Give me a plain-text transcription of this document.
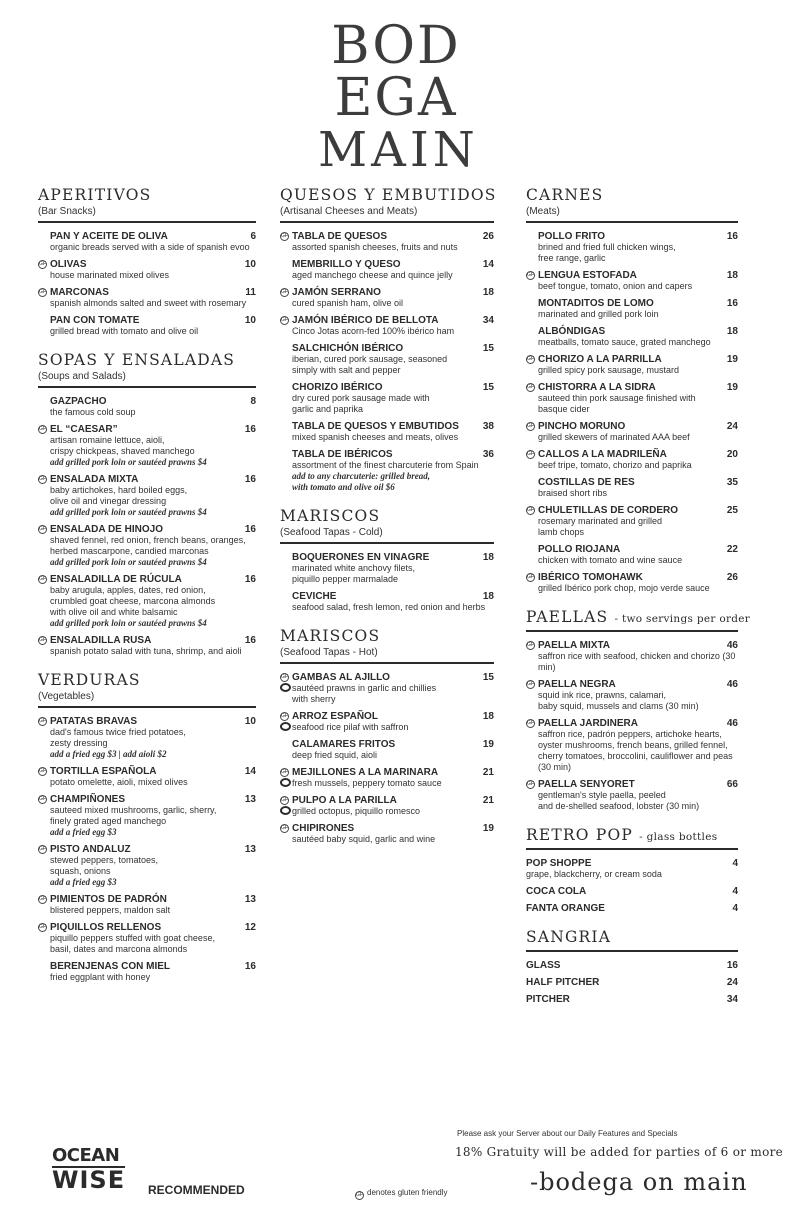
BOD
EGA
MAIN
APERITIVOS
(Bar Snacks)
PAN Y ACEITE DE OLIVA	6
organic breads served with a side of spanish evoo
GF OLIVAS	10
house marinated mixed olives
GF MARCONAS	11
spanish almonds salted and sweet with rosemary
PAN CON TOMATE	10
grilled bread with tomato and olive oil
SOPAS Y ENSALADAS
(Soups and Salads)
GAZPACHO	8
the famous cold soup
GF EL “CAESAR”	16
artisan romaine lettuce, aioli,
crispy chickpeas, shaved manchego
add grilled pork loin or sautéed prawns $4
GF ENSALADA MIXTA	16
baby artichokes, hard boiled eggs,
olive oil and vinegar dressing
add grilled pork loin or sautéed prawns $4
GF ENSALADA DE HINOJO	16
shaved fennel, red onion, french beans, oranges,
herbed mascarpone, candied marconas
add grilled pork loin or sautéed prawns $4
GF ENSALADILLA DE RÚCULA	16
baby arugula, apples, dates, red onion,
crumbled goat cheese, marcona almonds
with olive oil and white balsamic
add grilled pork loin or sautéed prawns $4
GF ENSALADILLA RUSA	16
spanish potato salad with tuna, shrimp, and aioli
VERDURAS
(Vegetables)
GF PATATAS BRAVAS	10
dad's famous twice fried potatoes,
zesty dressing
add a fried egg $3 | add aioli $2
GF TORTILLA ESPAÑOLA	14
potato omelette, aioli, mixed olives
GF CHAMPIÑONES	13
sauteed mixed mushrooms, garlic, sherry,
finely grated aged manchego
add a fried egg $3
GF PISTO ANDALUZ	13
stewed peppers, tomatoes,
squash, onions
add a fried egg $3
GF PIMIENTOS DE PADRÓN	13
blistered peppers, maldon salt
GF PIQUILLOS RELLENOS	12
piquillo peppers stuffed with goat cheese,
basil, dates and marcona almonds
BERENJENAS CON MIEL	16
fried eggplant with honey
QUESOS Y EMBUTIDOS
(Artisanal Cheeses and Meats)
GF TABLA DE QUESOS	26
assorted spanish cheeses, fruits and nuts
MEMBRILLO Y QUESO	14
aged manchego cheese and quince jelly
GF JAMÓN SERRANO	18
cured spanish ham, olive oil
GF JAMÓN IBÉRICO DE BELLOTA	34
Cinco Jotas acorn-fed 100% ibérico ham
SALCHICHÓN IBÉRICO	15
iberian, cured pork sausage, seasoned
simply with salt and pepper
CHORIZO IBÉRICO	15
dry cured pork sausage made with
garlic and paprika
TABLA DE QUESOS Y EMBUTIDOS	38
mixed spanish cheeses and meats, olives
TABLA DE IBÉRICOS	36
assortment of the finest charcuterie from Spain
add to any charcuterie: grilled bread,
with tomato and olive oil $6
MARISCOS
(Seafood Tapas - Cold)
BOQUERONES EN VINAGRE	18
marinated white anchovy filets,
piquillo pepper marmalade
CEVICHE	18
seafood salad, fresh lemon, red onion and herbs
MARISCOS
(Seafood Tapas - Hot)
GF GAMBAS AL AJILLO	15
sautéed prawns in garlic and chillies
with sherry
GF ARROZ ESPAÑOL	18
seafood rice pilaf with saffron
CALAMARES FRITOS	19
deep fried squid, aioli
GF MEJILLONES A LA MARINARA	21
fresh mussels, peppery tomato sauce
GF PULPO A LA PARILLA	21
grilled octopus, piquillo romesco
GF CHIPIRONES	19
sautéed baby squid, garlic and wine
CARNES
(Meats)
POLLO FRITO	16
brined and fried full chicken wings,
free range, garlic
GF LENGUA ESTOFADA	18
beef tongue, tomato, onion and capers
MONTADITOS DE LOMO	16
marinated and grilled pork loin
ALBÓNDIGAS	18
meatballs, tomato sauce, grated manchego
GF CHORIZO A LA PARRILLA	19
grilled spicy pork sausage, mustard
GF CHISTORRA A LA SIDRA	19
sauteed thin pork sausage finished with
basque cider
GF PINCHO MORUNO	24
grilled skewers of marinated AAA beef
GF CALLOS A LA MADRILEÑA	20
beef tripe, tomato, chorizo and paprika
COSTILLAS DE RES	35
braised short ribs
GF CHULETILLAS DE CORDERO	25
rosemary marinated and grilled
lamb chops
POLLO RIOJANA	22
chicken with tomato and wine sauce
GF IBÉRICO TOMOHAWK	26
grilled Ibérico pork chop, mojo verde sauce
PAELLAS - two servings per order
GF PAELLA MIXTA	46
saffron rice with seafood, chicken and chorizo (30 min)
GF PAELLA NEGRA	46
squid ink rice, prawns, calamari,
baby squid, mussels and clams (30 min)
GF PAELLA JARDINERA	46
saffron rice, padrón peppers, artichoke hearts,
oyster mushrooms, french beans, grilled fennel,
cherry tomatoes, broccolini, cauliflower and peas (30 min)
GF PAELLA SENYORET	66
gentleman's style paella, peeled
and de-shelled seafood, lobster (30 min)
RETRO POP - glass bottles
POP SHOPPE	4
grape, blackcherry, or cream soda
COCA COLA	4
FANTA ORANGE	4
SANGRIA
GLASS	16
HALF PITCHER	24
PITCHER	34
Please ask your Server about our Daily Features and Specials
18% Gratuity will be added for parties of 6 or more
-bodega on main
OCEAN
WISE RECOMMENDED	GF denotes gluten friendly
